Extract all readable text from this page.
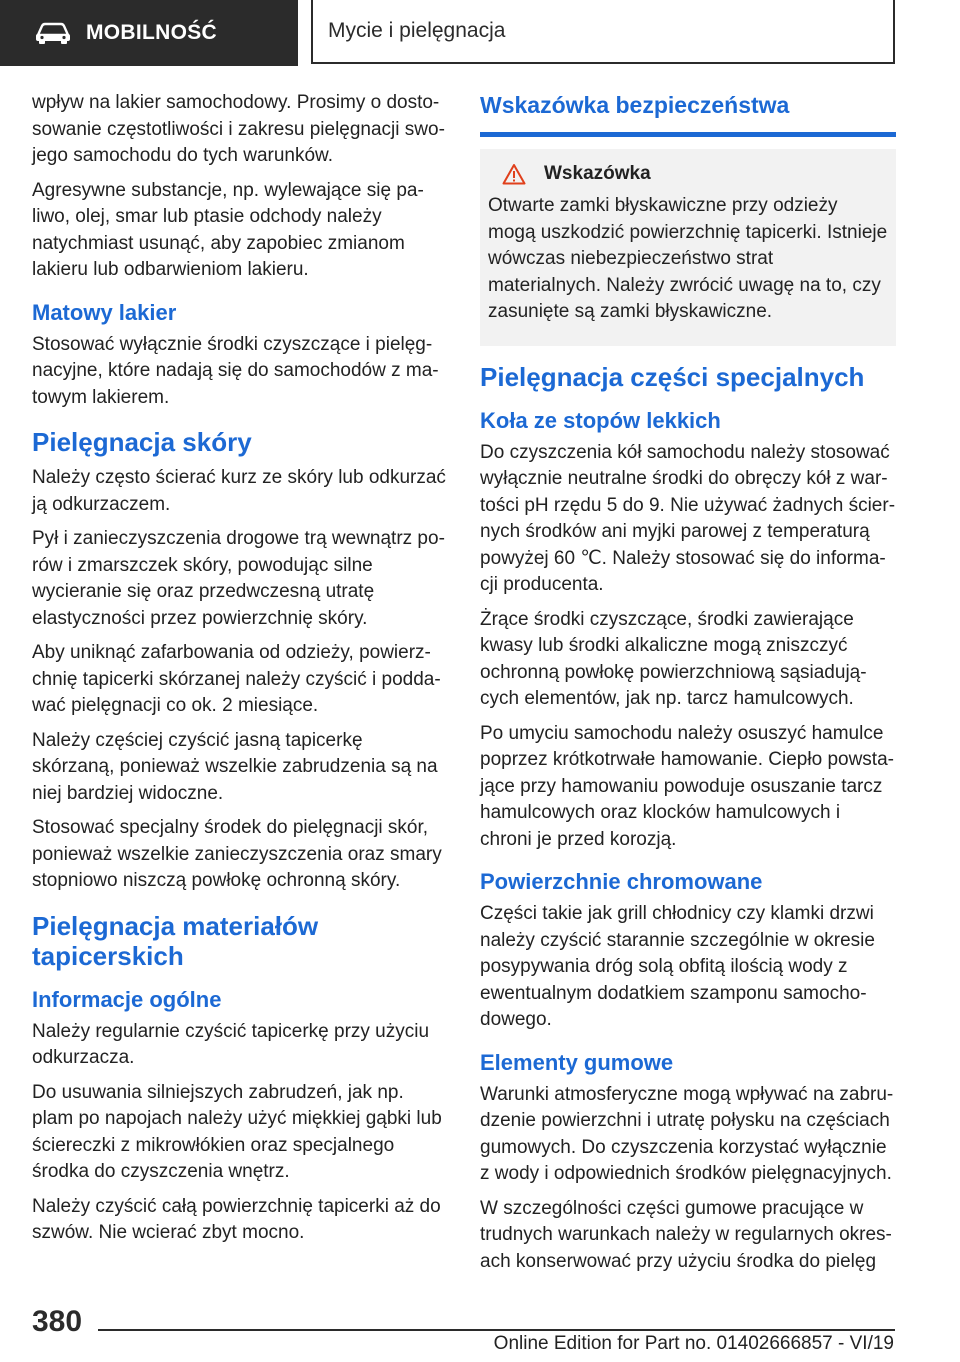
MOBILNOŚĆ	Mycie i pielęgnacja

wpływ na lakier samochodowy. Prosimy o dostosowanie częstotliwości i zakresu pielęgnacji swojego samochodu do tych warunków.

Agresywne substancje, np. wylewające się paliwo, olej, smar lub ptasie odchody należy natychmiast usunąć, aby zapobiec zmianom lakieru lub odbarwieniom lakieru.

Matowy lakier

Stosować wyłącznie środki czyszczące i pielęgnacyjne, które nadają się do samochodów z matowym lakierem.

Pielęgnacja skóry

Należy często ścierać kurz ze skóry lub odkurzać ją odkurzaczem.

Pył i zanieczyszczenia drogowe trą wewnątrz porów i zmarszczek skóry, powodując silne wycieranie się oraz przedwczesną utratę elastyczności przez powierzchnię skóry.

Aby uniknąć zafarbowania od odzieży, powierzchnię tapicerki skórzanej należy czyścić i poddawać pielęgnacji co ok. 2 miesiące.

Należy częściej czyścić jasną tapicerkę skórzaną, ponieważ wszelkie zabrudzenia są na niej bardziej widoczne.

Stosować specjalny środek do pielęgnacji skór, ponieważ wszelkie zanieczyszczenia oraz smary stopniowo niszczą powłokę ochronną skóry.

Pielęgnacja materiałów tapicerskich
Informacje ogólne

Należy regularnie czyścić tapicerkę przy użyciu odkurzacza.

Do usuwania silniejszych zabrudzeń, jak np. plam po napojach należy użyć miękkiej gąbki lub ściereczki z mikrowłókien oraz specjalnego środka do czyszczenia wnętrz.

Należy czyścić całą powierzchnię tapicerki aż do szwów. Nie wcierać zbyt mocno.

Wskazówka bezpieczeństwa
Wskazówka

Otwarte zamki błyskawiczne przy odzieży mogą uszkodzić powierzchnię tapicerki. Istnieje wówczas niebezpieczeństwo strat materialnych. Należy zwrócić uwagę na to, czy zasunięte są zamki błyskawiczne.

Pielęgnacja części specjalnych
Koła ze stopów lekkich

Do czyszczenia kół samochodu należy stosować wyłącznie neutralne środki do obręczy kół z wartości pH rzędu 5 do 9. Nie używać żadnych ściernych środków ani myjki parowej z temperaturą powyżej 60 ℃. Należy stosować się do informacji producenta.

Żrące środki czyszczące, środki zawierające kwasy lub środki alkaliczne mogą zniszczyć ochronną powłokę powierzchniową sąsiadujących elementów, jak np. tarcz hamulcowych.

Po umyciu samochodu należy osuszyć hamulce poprzez krótkotrwałe hamowanie. Ciepło powstające przy hamowaniu powoduje osuszanie tarcz hamulcowych oraz klocków hamulcowych i chroni je przed korozją.

Powierzchnie chromowane

Części takie jak grill chłodnicy czy klamki drzwi należy czyścić starannie szczególnie w okresie posypywania dróg solą obfitą ilością wody z ewentualnym dodatkiem szamponu samochodowego.

Elementy gumowe

Warunki atmosferyczne mogą wpływać na zabrudzenie powierzchni i utratę połysku na częściach gumowych. Do czyszczenia korzystać wyłącznie z wody i odpowiednich środków pielęgnacyjnych.

W szczególności części gumowe pracujące w trudnych warunkach należy w regularnych okresach konserwować przy użyciu środka do pielęg

380
Online Edition for Part no. 01402666857 - VI/19
